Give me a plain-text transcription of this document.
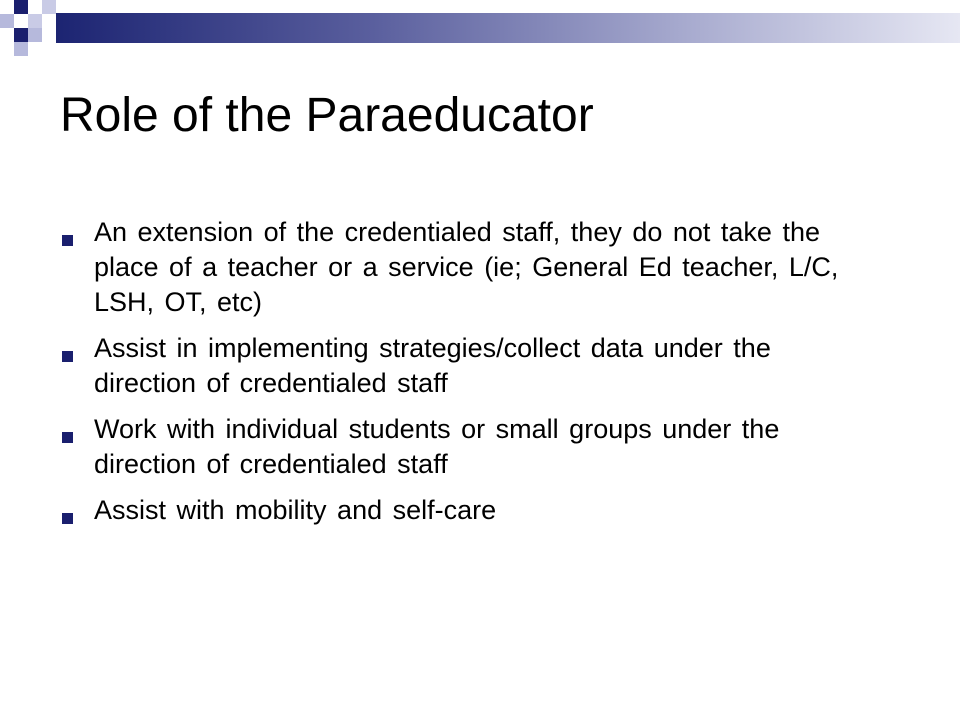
Role of the Paraeducator
An extension of the credentialed staff, they do not take the place of a teacher or a service (ie; General Ed teacher, L/C, LSH, OT, etc)
Assist in implementing strategies/collect data under the direction of credentialed staff
Work with individual students or small groups under the direction of credentialed staff
Assist with mobility and self-care
